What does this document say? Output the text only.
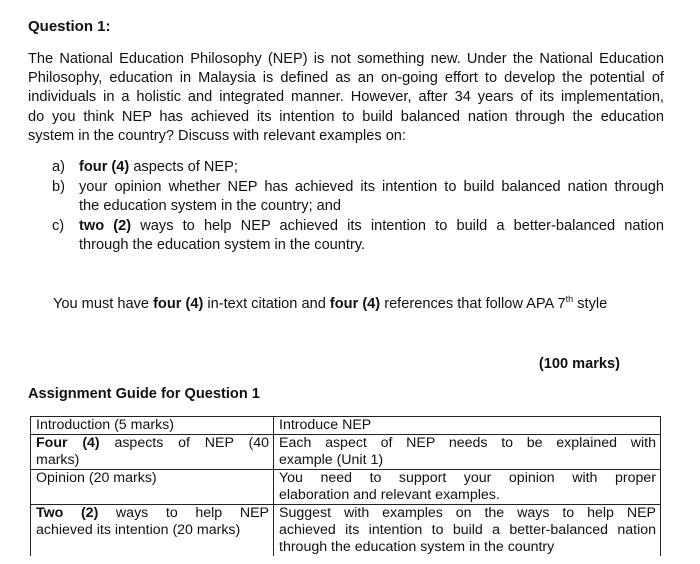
Question 1:
The National Education Philosophy (NEP) is not something new. Under the National Education
Philosophy, education in Malaysia is defined as an on-going effort to develop the potential of
individuals in a holistic and integrated manner. However, after 34 years of its implementation,
do you think NEP has achieved its intention to build balanced nation through the education
system in the country? Discuss with relevant examples on:
a) four (4) aspects of NEP;
b) your opinion whether NEP has achieved its intention to build balanced nation through
the education system in the country; and
c) two (2) ways to help NEP achieved its intention to build a better-balanced nation
through the education system in the country.
You must have four (4) in-text citation and four (4) references that follow APA 7th style
(100 marks)
Assignment Guide for Question 1
Introduction (5 marks)	Introduce NEP

Four (4) aspects of NEP (40
marks)	Each aspect of NEP needs to be explained with
example (Unit 1)

Opinion (20 marks)	You need to support your opinion with proper
elaboration and relevant examples.

Two (2) ways to help NEP
achieved its intention (20 marks)	Suggest with examples on the ways to help NEP
achieved its intention to build a better-balanced nation
through the education system in the country
